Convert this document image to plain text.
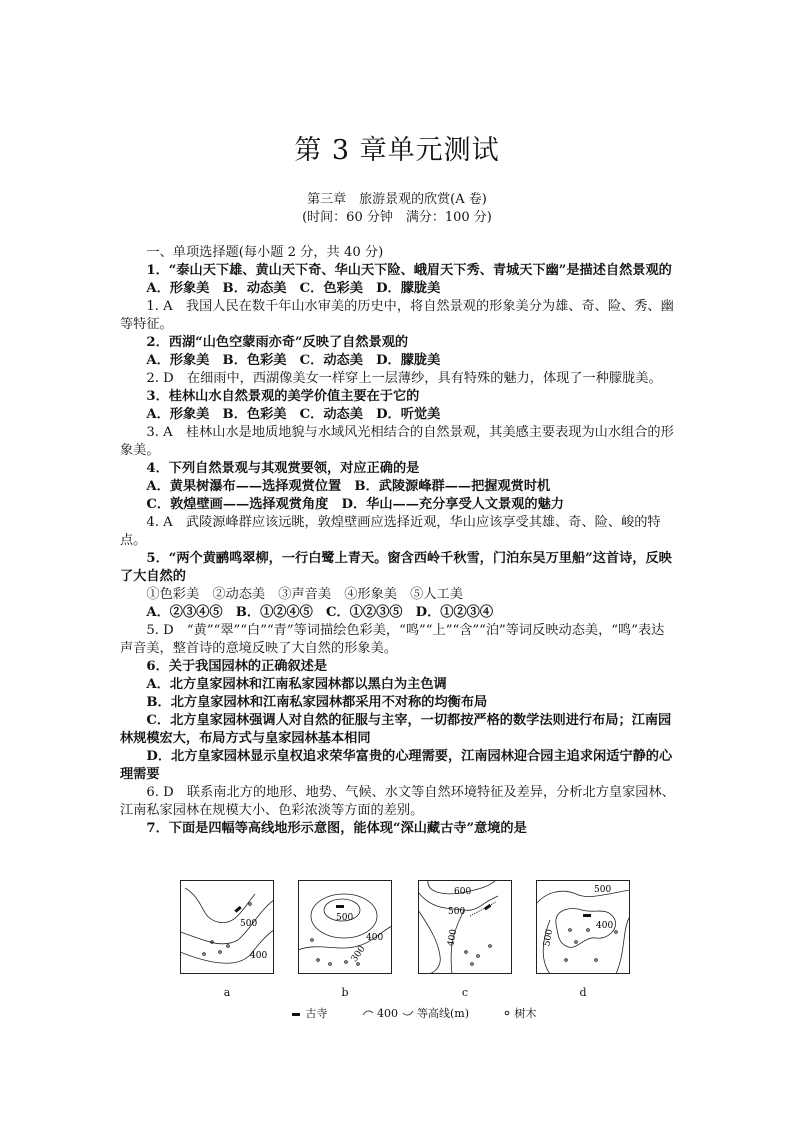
第 3 章单元测试
第三章　旅游景观的欣赏(A 卷)
(时间：60 分钟　满分：100 分)

一、单项选择题(每小题 2 分，共 40 分)

1．“泰山天下雄、黄山天下奇、华山天下险、峨眉天下秀、青城天下幽”是描述自然景观的

A．形象美　B．动态美　C．色彩美　D．朦胧美

1. A　我国人民在数千年山水审美的历史中，将自然景观的形象美分为雄、奇、险、秀、幽等特征。

2．西湖“山色空蒙雨亦奇”反映了自然景观的

A．形象美　B．色彩美　C．动态美　D．朦胧美

2. D　在细雨中，西湖像美女一样穿上一层薄纱，具有特殊的魅力，体现了一种朦胧美。

3．桂林山水自然景观的美学价值主要在于它的

A．形象美　B．色彩美　C．动态美　D．听觉美

3. A　桂林山水是地质地貌与水域风光相结合的自然景观，其美感主要表现为山水组合的形象美。

4．下列自然景观与其观赏要领，对应正确的是

A．黄果树瀑布——选择观赏位置　B．武陵源峰群——把握观赏时机

C．敦煌壁画——选择观赏角度　D．华山——充分享受人文景观的魅力

4. A　武陵源峰群应该远眺，敦煌壁画应选择近观，华山应该享受其雄、奇、险、峻的特点。

5．“两个黄鹂鸣翠柳，一行白鹭上青天。窗含西岭千秋雪，门泊东吴万里船”这首诗，反映了大自然的

①色彩美　②动态美　③声音美　④形象美　⑤人工美

A．②③④⑤　B．①②④⑤　C．①②③⑤　D．①②③④

5. D　“黄”“翠”“白”“青”等词描绘色彩美，“鸣”“上”“含”“泊”等词反映动态美，“鸣”表达声音美，整首诗的意境反映了大自然的形象美。

6．关于我国园林的正确叙述是

A．北方皇家园林和江南私家园林都以黑白为主色调

B．北方皇家园林和江南私家园林都采用不对称的均衡布局

C．北方皇家园林强调人对自然的征服与主宰，一切都按严格的数学法则进行布局；江南园林规模宏大，布局方式与皇家园林基本相同

D．北方皇家园林显示皇权追求荣华富贵的心理需要，江南园林迎合园主追求闲适宁静的心理需要

6. D　联系南北方的地形、地势、气候、水文等自然环境特征及差异，分析北方皇家园林、江南私家园林在规模大小、色彩浓淡等方面的差别。

7．下面是四幅等高线地形示意图，能体现“深山藏古寺”意境的是

500
400
a
500
400
300
b
600
500
400
c
500
400
500
d
古寺	400 等高线(m)	树木
